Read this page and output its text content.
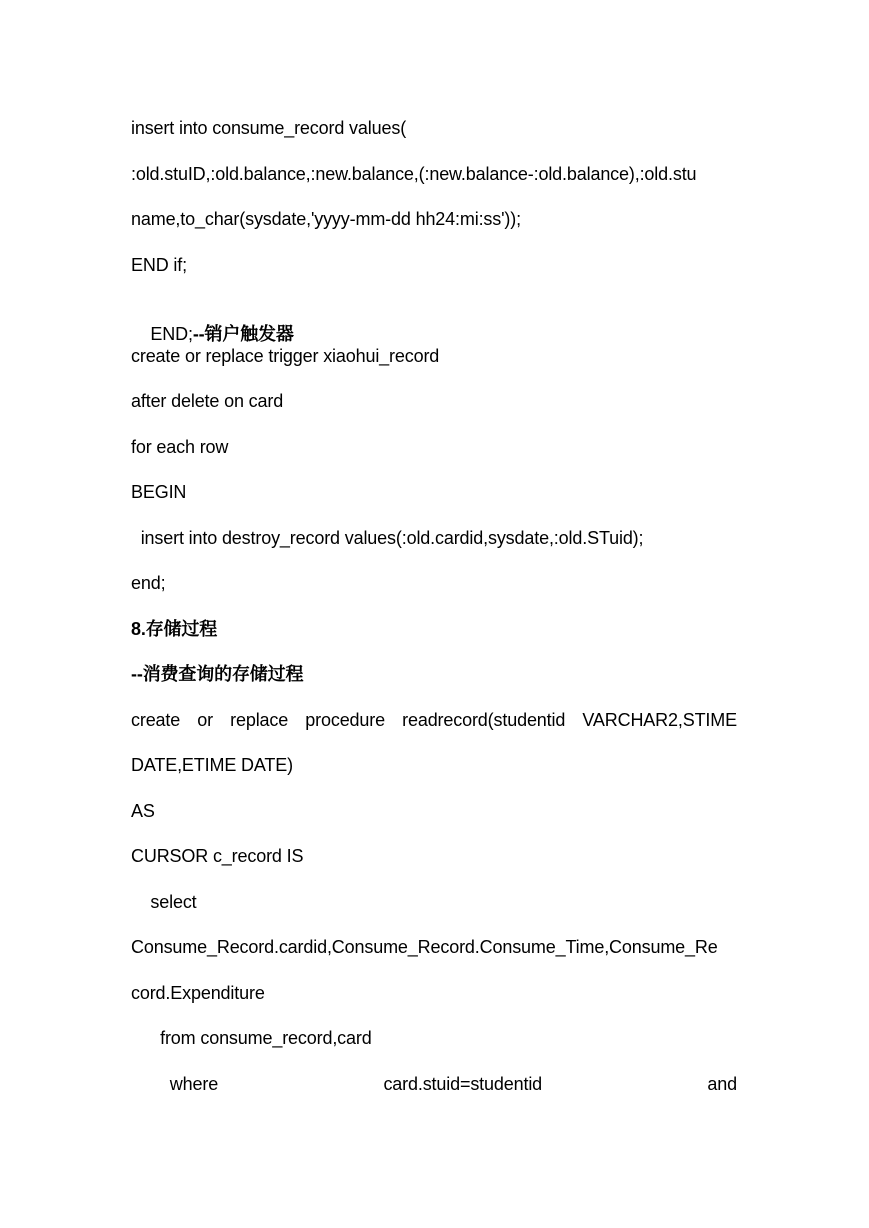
insert into consume_record values(
:old.stuID,:old.balance,:new.balance,(:new.balance-:old.balance),:old.stu
name,to_char(sysdate,'yyyy-mm-dd hh24:mi:ss'));
END if;

END;--销户触发器

create or replace trigger xiaohui_record
after delete on card
for each row
BEGIN
insert into destroy_record values(:old.cardid,sysdate,:old.STuid);
end;
8.存储过程
--消费查询的存储过程
create or replace procedure readrecord(studentid VARCHAR2,STIME
DATE,ETIME DATE)
AS
CURSOR c_record IS
select
Consume_Record.cardid,Consume_Record.Consume_Time,Consume_Re
cord.Expenditure
from consume_record,card
where	card.stuid=studentid	and
